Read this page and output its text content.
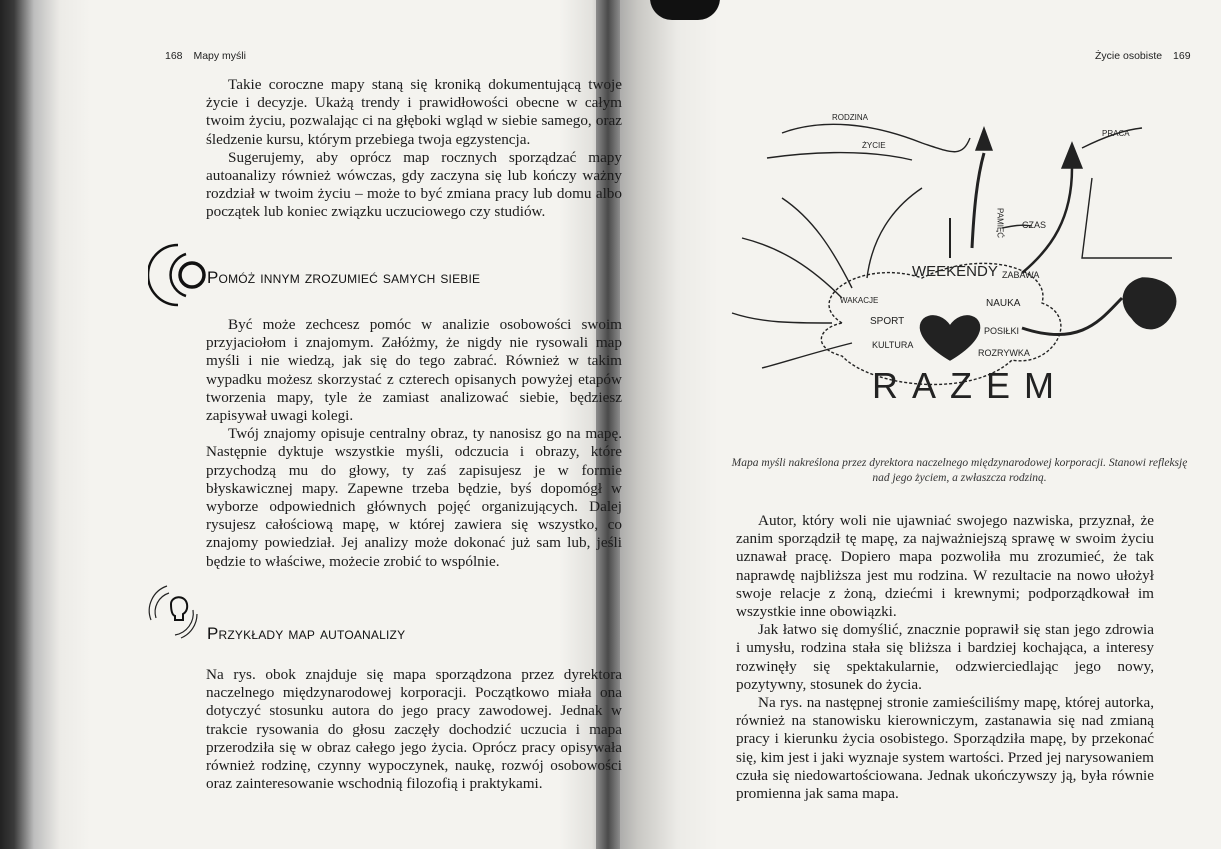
168 Mapy myśli

Takie coroczne mapy staną się kroniką dokumentującą twoje życie i decyzje. Ukażą trendy i prawidłowości obecne w całym twoim życiu, pozwalając ci na głęboki wgląd w siebie samego, oraz śledzenie kursu, którym przebiega twoja egzystencja.

Sugerujemy, aby oprócz map rocznych sporządzać mapy autoanalizy również wówczas, gdy zaczyna się lub kończy ważny rozdział w twoim życiu – może to być zmiana pracy lub domu albo początek lub koniec związku uczuciowego czy studiów.

Pomóż innym zrozumieć samych siebie

Być może zechcesz pomóc w analizie osobowości swoim przyjaciołom i znajomym. Załóżmy, że nigdy nie rysowali map myśli i nie wiedzą, jak się do tego zabrać. Również w takim wypadku możesz skorzystać z czterech opisanych powyżej etapów tworzenia mapy, tyle że zamiast analizować siebie, będziesz zapisywał uwagi kolegi.

Twój znajomy opisuje centralny obraz, ty nanosisz go na mapę. Następnie dyktuje wszystkie myśli, odczucia i obrazy, które przychodzą mu do głowy, ty zaś zapisujesz je w formie błyskawicznej mapy. Zapewne trzeba będzie, byś dopomógł w wyborze odpowiednich głównych pojęć organizujących. Dalej rysujesz całościową mapę, w której zawiera się wszystko, co znajomy powiedział. Jej analizy może dokonać już sam lub, jeśli będzie to właściwe, możecie zrobić to wspólnie.

Przykłady map autoanalizy

Na rys. obok znajduje się mapa sporządzona przez dyrektora naczelnego międzynarodowej korporacji. Początkowo miała ona dotyczyć stosunku autora do jego pracy zawodowej. Jednak w trakcie rysowania do głosu zaczęły dochodzić uczucia i mapa przerodziła się w obraz całego jego życia. Oprócz pracy opisywała również rodzinę, czynny wypoczynek, naukę, rozwój osobowości oraz zainteresowanie wschodnią filozofią i praktykami.

Życie osobiste 169
RAZEM
WEEKENDY ZABAWA
NAUKA
POSIŁKI
ROZRYWKA
SPORT
KULTURA
WAKACJE
CZAS
PAMIĘĆ
PRACA
RODZINA
ŻYCIE
Mapa myśli nakreślona przez dyrektora naczelnego międzynarodowej korporacji. Stanowi refleksję nad jego życiem, a zwłaszcza rodziną.

Autor, który woli nie ujawniać swojego nazwiska, przyznał, że zanim sporządził tę mapę, za najważniejszą sprawę w swoim życiu uznawał pracę. Dopiero mapa pozwoliła mu zrozumieć, że tak naprawdę najbliższa jest mu rodzina. W rezultacie na nowo ułożył swoje relacje z żoną, dziećmi i krewnymi; podporządkował im wszystkie inne obowiązki.

Jak łatwo się domyślić, znacznie poprawił się stan jego zdrowia i umysłu, rodzina stała się bliższa i bardziej kochająca, a interesy rozwinęły się spektakularnie, odzwierciedlając jego nowy, pozytywny, stosunek do życia.

Na rys. na następnej stronie zamieściliśmy mapę, której autorka, również na stanowisku kierowniczym, zastanawia się nad zmianą pracy i kierunku życia osobistego. Sporządziła mapę, by przekonać się, kim jest i jaki wyznaje system wartości. Przed jej narysowaniem czuła się niedowartościowana. Jednak ukończywszy ją, była równie promienna jak sama mapa.
